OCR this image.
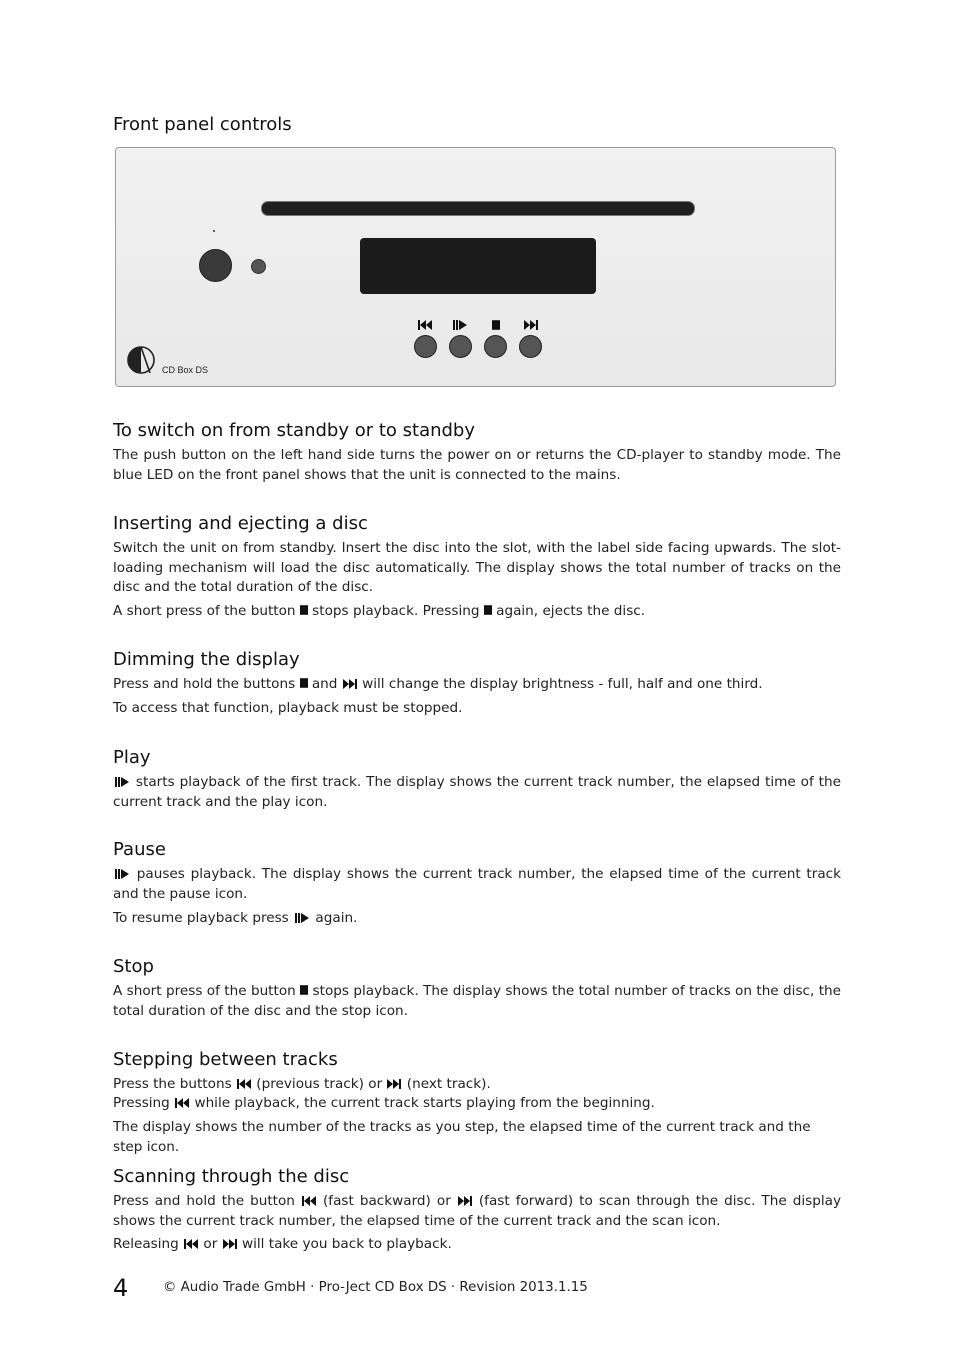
Front panel controls
CD Box DS
To switch on from standby or to standby

The push button on the left hand side turns the power on or returns the CD-player to standby mode. The blue LED on the front panel shows that the unit is connected to the mains.

Inserting and ejecting a disc

Switch the unit on from standby. Insert the disc into the slot, with the label side facing upwards. The slot-loading mechanism will load the disc automatically. The display shows the total number of tracks on the disc and the total duration of the disc.

A short press of the button  stops playback. Pressing  again, ejects the disc.

Dimming the display

Press and hold the buttons  and  will change the display brightness - full, half and one third.

To access that function, playback must be stopped.

Play

starts playback of the first track. The display shows the current track number, the elapsed time of the current track and the play icon.

Pause

pauses playback. The display shows the current track number, the elapsed time of the current track and the pause icon.

To resume playback press  again.

Stop

A short press of the button  stops playback. The display shows the total number of tracks on the disc, the total duration of the disc and the stop icon.

Stepping between tracks

Press the buttons  (previous track) or  (next track).

Pressing  while playback, the current track starts playing from the beginning.

The display shows the number of the tracks as you step, the elapsed time of the current track and the step icon.

Scanning through the disc

Press and hold the button  (fast backward) or  (fast forward) to scan through the disc. The display shows the current track number, the elapsed time of the current track and the scan icon.

Releasing  or  will take you back to playback.

4	© Audio Trade GmbH · Pro-Ject CD Box DS · Revision 2013.1.15
